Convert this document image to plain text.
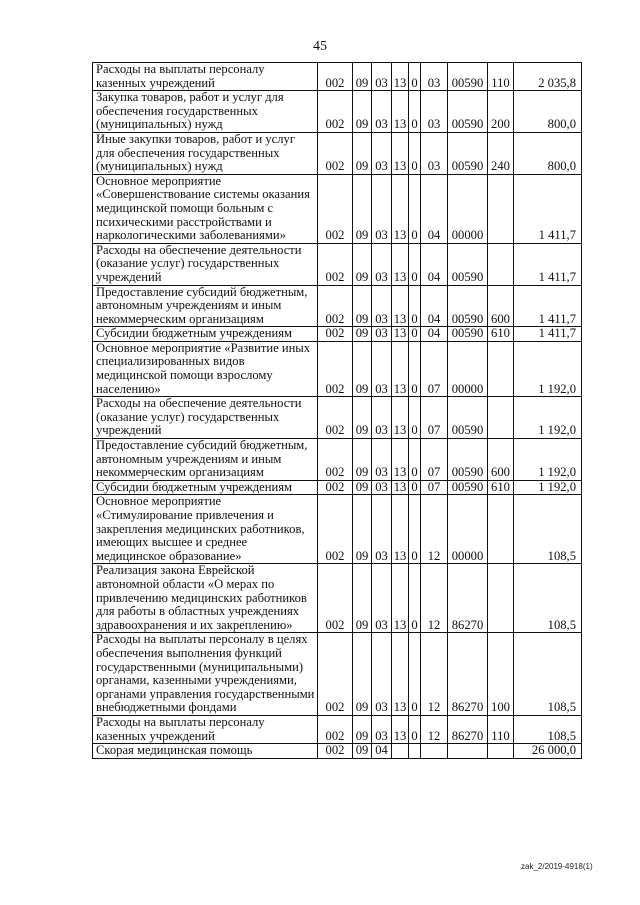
45
Расходы на выплаты персоналу казенных учреждений	002	09	03	13	0	03	00590	110	2 035,8
Закупка товаров, работ и услуг для обеспечения государственных (муниципальных) нужд	002	09	03	13	0	03	00590	200	800,0
Иные закупки товаров, работ и услуг для обеспечения государственных (муниципальных) нужд	002	09	03	13	0	03	00590	240	800,0
Основное мероприятие «Совершенствование системы оказания медицинской помощи больным с психическими расстройствами и наркологическими заболеваниями»	002	09	03	13	0	04	00000		1 411,7
Расходы на обеспечение деятельности (оказание услуг) государственных учреждений	002	09	03	13	0	04	00590		1 411,7
Предоставление субсидий бюджетным, автономным учреждениям и иным некоммерческим организациям	002	09	03	13	0	04	00590	600	1 411,7
Субсидии бюджетным учреждениям	002	09	03	13	0	04	00590	610	1 411,7
Основное мероприятие «Развитие иных специализированных видов медицинской помощи взрослому населению»	002	09	03	13	0	07	00000		1 192,0
Расходы на обеспечение деятельности (оказание услуг) государственных учреждений	002	09	03	13	0	07	00590		1 192,0
Предоставление субсидий бюджетным, автономным учреждениям и иным некоммерческим организациям	002	09	03	13	0	07	00590	600	1 192,0
Субсидии бюджетным учреждениям	002	09	03	13	0	07	00590	610	1 192,0
Основное мероприятие «Стимулирование привлечения и закрепления медицинских работников, имеющих высшее и среднее медицинское образование»	002	09	03	13	0	12	00000		108,5
Реализация закона Еврейской автономной области «О мерах по привлечению медицинских работников для работы в областных учреждениях здравоохранения и их закреплению»	002	09	03	13	0	12	86270		108,5
Расходы на выплаты персоналу в целях обеспечения выполнения функций государственными (муниципальными) органами, казенными учреждениями, органами управления государственными внебюджетными фондами	002	09	03	13	0	12	86270	100	108,5
Расходы на выплаты персоналу казенных учреждений	002	09	03	13	0	12	86270	110	108,5
Скорая медицинская помощь	002	09	04						26 000,0
zak_2/2019-4918(1)
